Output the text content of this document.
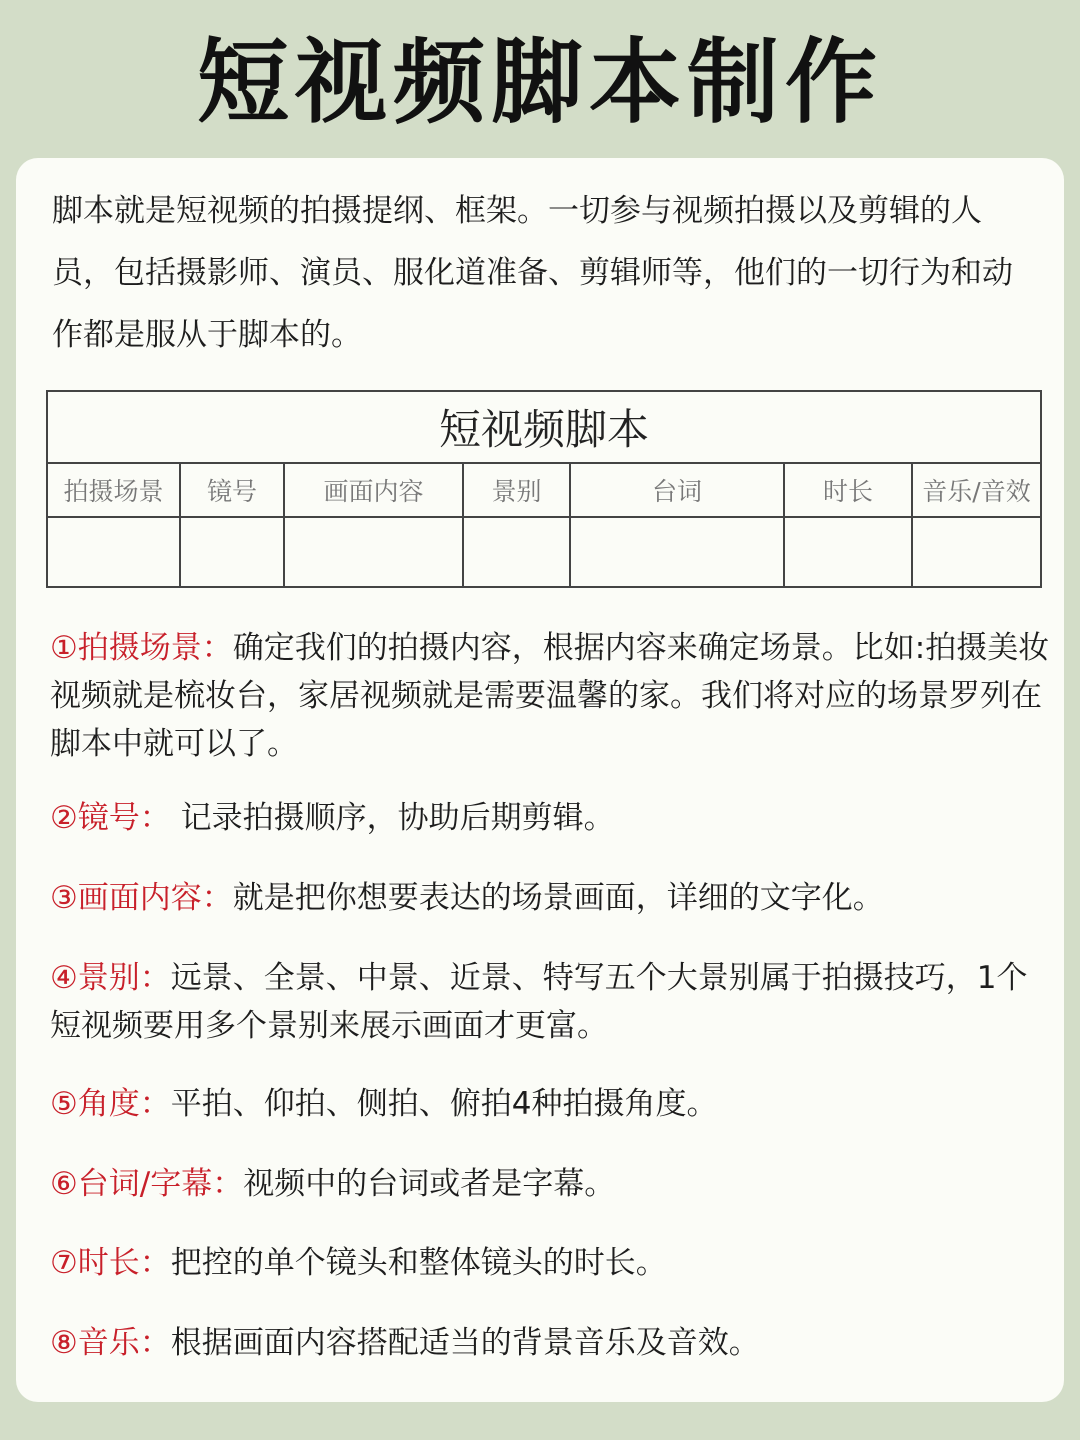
短视频脚本制作
脚本就是短视频的拍摄提纲、框架。一切参与视频拍摄以及剪辑的人员，包括摄影师、演员、服化道准备、剪辑师等，他们的一切行为和动作都是服从于脚本的。
短视频脚本						
拍摄场景	镜号	画面内容	景别	台词	时长	音乐/音效

①拍摄场景：确定我们的拍摄内容，根据内容来确定场景。比如:拍摄美妆视频就是梳妆台，家居视频就是需要温馨的家。我们将对应的场景罗列在脚本中就可以了。
②镜号： 记录拍摄顺序，协助后期剪辑。
③画面内容：就是把你想要表达的场景画面，详细的文字化。
④景别：远景、全景、中景、近景、特写五个大景别属于拍摄技巧，1个短视频要用多个景别来展示画面才更富。
⑤角度：平拍、仰拍、侧拍、俯拍4种拍摄角度。
⑥台词/字幕：视频中的台词或者是字幕。
⑦时长：把控的单个镜头和整体镜头的时长。
⑧音乐：根据画面内容搭配适当的背景音乐及音效。
